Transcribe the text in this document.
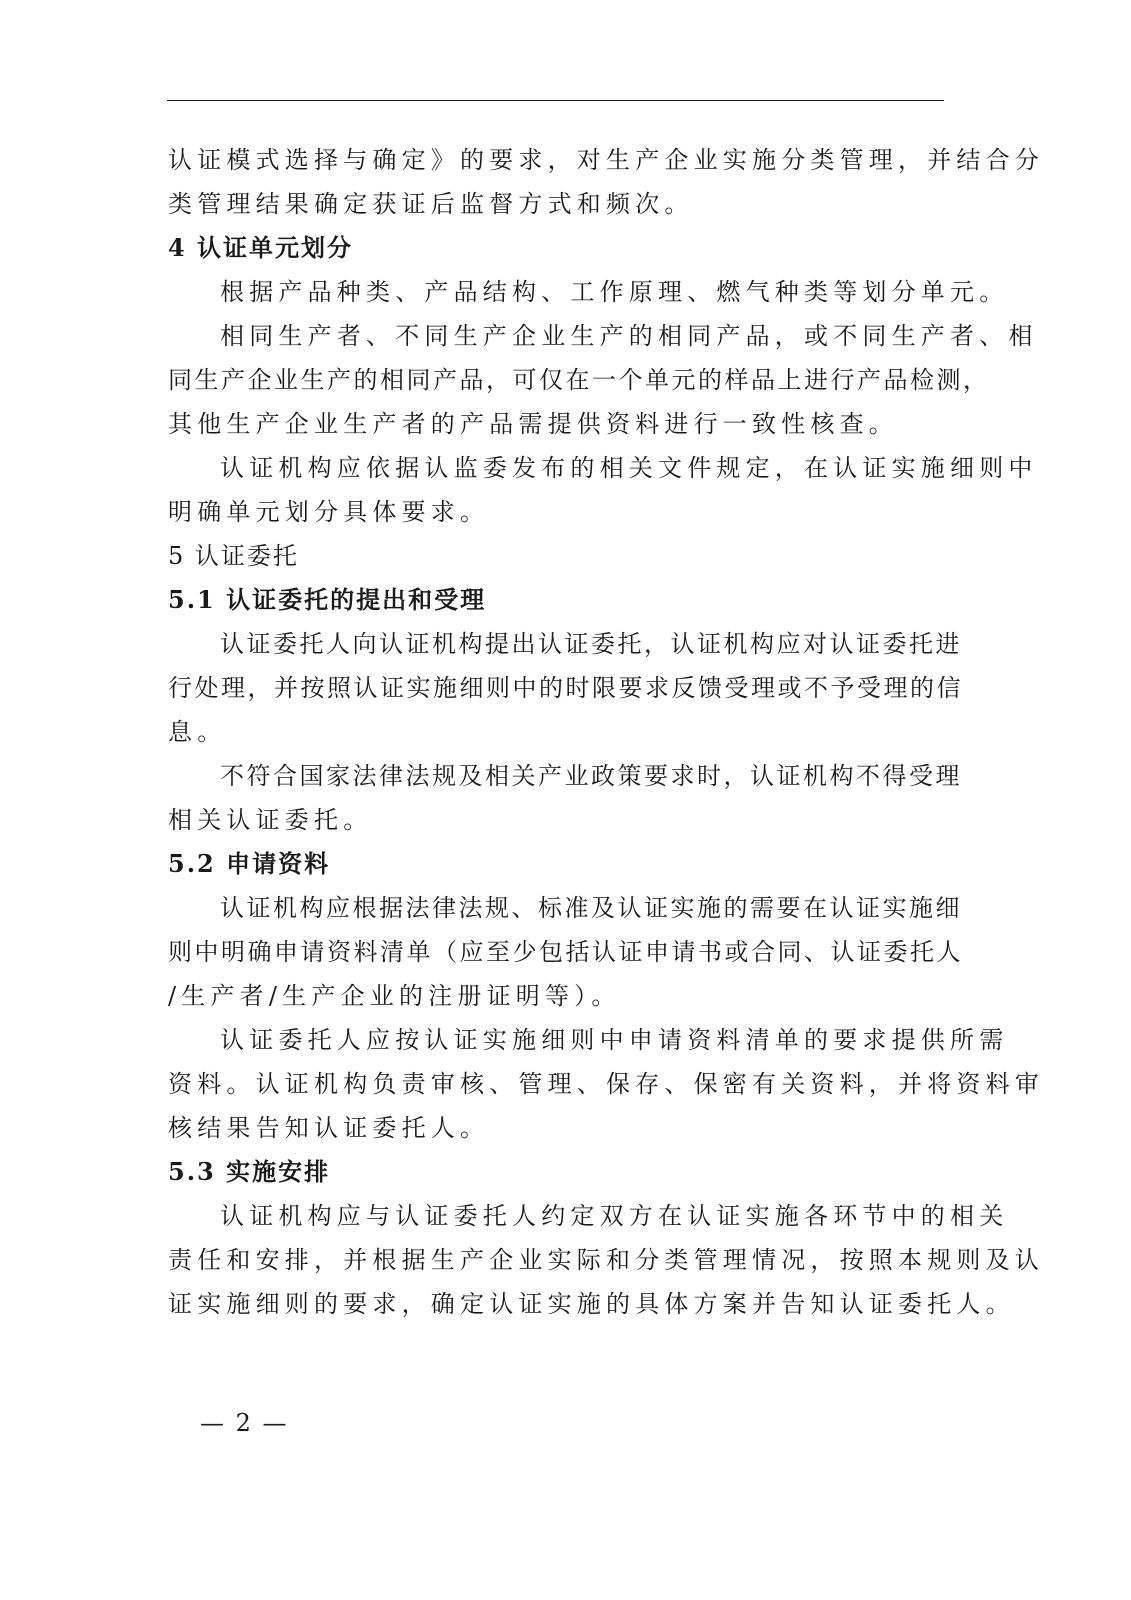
认证模式选择与确定》的要求，对生产企业实施分类管理，并结合分
类管理结果确定获证后监督方式和频次。
4 认证单元划分
根据产品种类、产品结构、工作原理、燃气种类等划分单元。
相同生产者、不同生产企业生产的相同产品，或不同生产者、相
同生产企业生产的相同产品，可仅在一个单元的样品上进行产品检测，
其他生产企业生产者的产品需提供资料进行一致性核查。
认证机构应依据认监委发布的相关文件规定，在认证实施细则中
明确单元划分具体要求。
5 认证委托
5.1 认证委托的提出和受理
认证委托人向认证机构提出认证委托，认证机构应对认证委托进
行处理，并按照认证实施细则中的时限要求反馈受理或不予受理的信
息。
不符合国家法律法规及相关产业政策要求时，认证机构不得受理
相关认证委托。
5.2 申请资料
认证机构应根据法律法规、标准及认证实施的需要在认证实施细
则中明确申请资料清单（应至少包括认证申请书或合同、认证委托人
/生产者/生产企业的注册证明等）。
认证委托人应按认证实施细则中申请资料清单的要求提供所需
资料。认证机构负责审核、管理、保存、保密有关资料，并将资料审
核结果告知认证委托人。
5.3 实施安排
认证机构应与认证委托人约定双方在认证实施各环节中的相关
责任和安排，并根据生产企业实际和分类管理情况，按照本规则及认
证实施细则的要求，确定认证实施的具体方案并告知认证委托人。
— 2 —
